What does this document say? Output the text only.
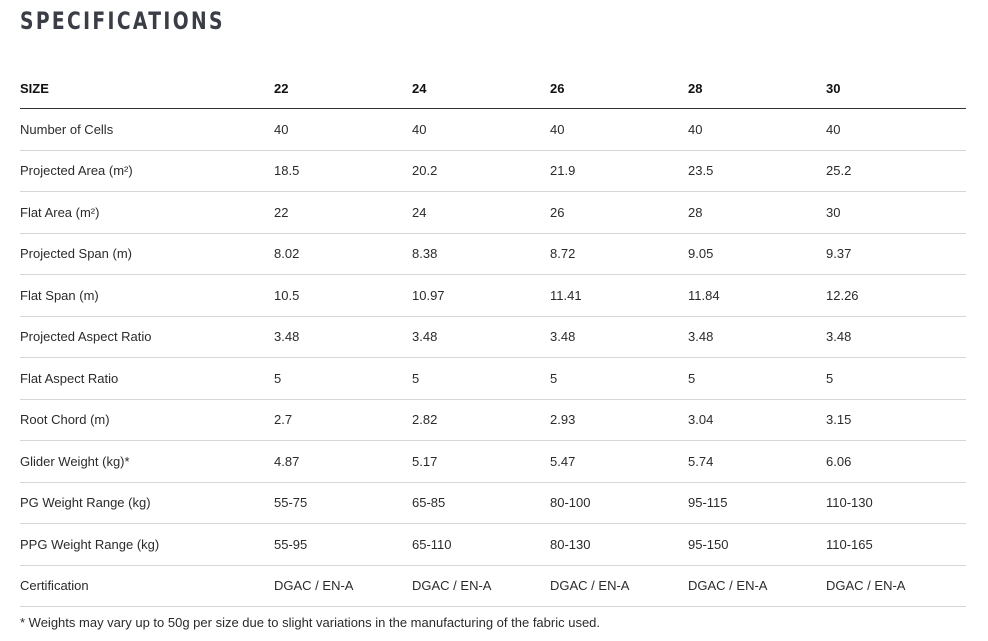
SPECIFICATIONS
SIZE	22	24	26	28	30
Number of Cells	40	40	40	40	40
Projected Area (m²)	18.5	20.2	21.9	23.5	25.2
Flat Area (m²)	22	24	26	28	30
Projected Span (m)	8.02	8.38	8.72	9.05	9.37
Flat Span (m)	10.5	10.97	11.41	11.84	12.26
Projected Aspect Ratio	3.48	3.48	3.48	3.48	3.48
Flat Aspect Ratio	5	5	5	5	5
Root Chord (m)	2.7	2.82	2.93	3.04	3.15
Glider Weight (kg)*	4.87	5.17	5.47	5.74	6.06
PG Weight Range (kg)	55-75	65-85	80-100	95-115	110-130
PPG Weight Range (kg)	55-95	65-110	80-130	95-150	110-165
Certification	DGAC / EN-A	DGAC / EN-A	DGAC / EN-A	DGAC / EN-A	DGAC / EN-A

* Weights may vary up to 50g per size due to slight variations in the manufacturing of the fabric used.
